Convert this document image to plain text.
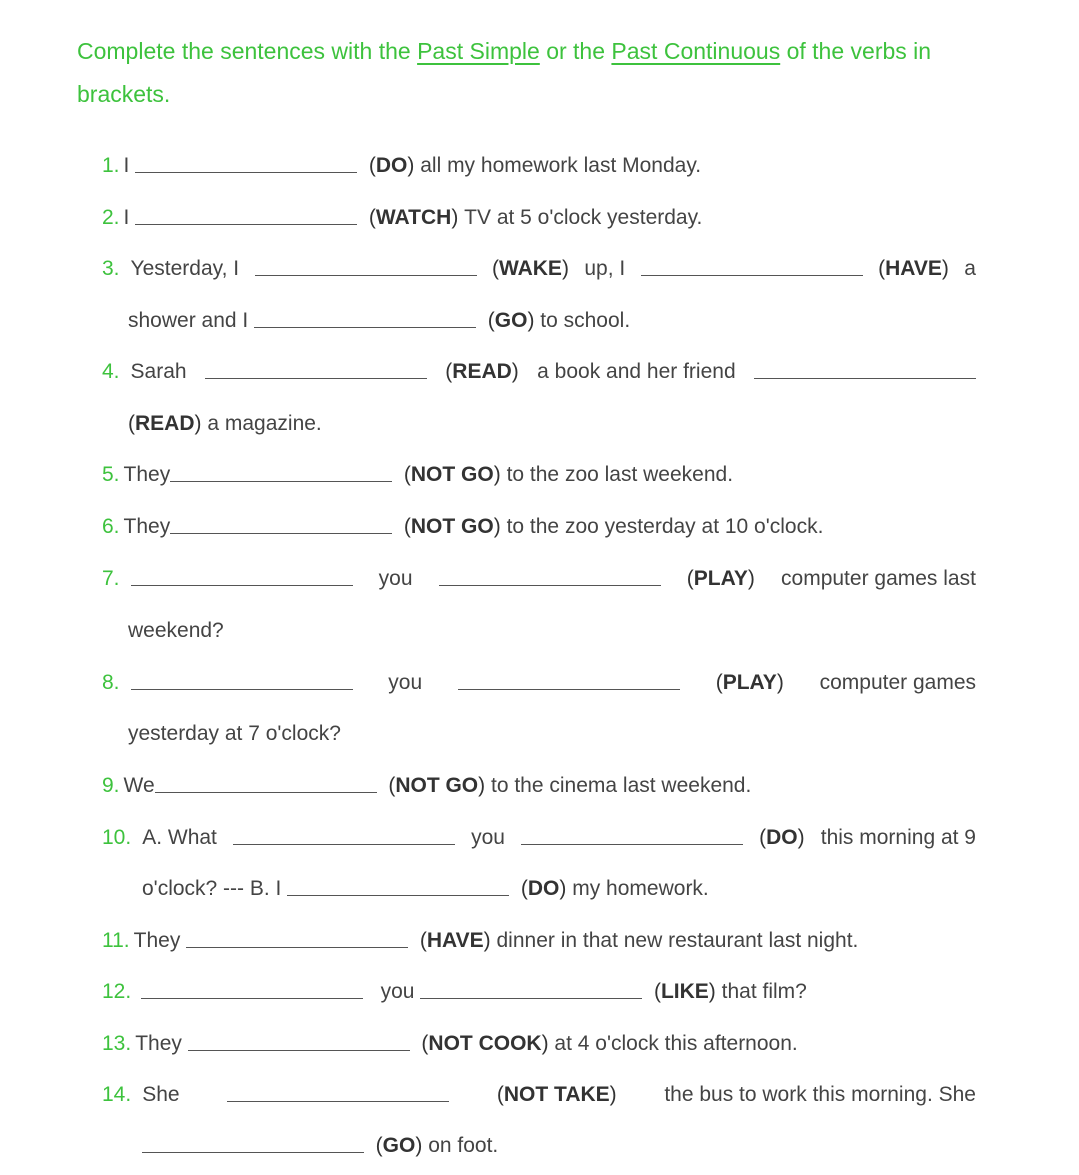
Complete the sentences with the Past Simple or the Past Continuous of the verbs in brackets.
1. I

	(DO)
all my homework last Monday.
2. I

	(WATCH)
TV at 5 o'clock yesterday.
3. Yesterday, I	(WAKE) up, I	(HAVE) a
shower and I

	(GO)
to school.
4. Sarah	(READ) a book and her friend
(READ)
a magazine.
5. They
	(NOT GO)
to the zoo last weekend.
6. They
	(NOT GO)
to the zoo yesterday at 10 o'clock.
7.	you	(PLAY) computer games last
weekend?
8.	you	(PLAY) computer games
yesterday at 7 o'clock?
9. We
	(NOT GO)
to the cinema last weekend.
10. A. What	you	(DO) this morning at 9
o'clock? --- B. I

	(DO)
my homework.
11. They

	(HAVE)
dinner in that new restaurant last night.
12.

	you

	(LIKE)
that film?
13. They

	(NOT COOK)
at 4 o'clock this afternoon.
14. She	(NOT TAKE) the bus to work this morning. She

(GO)
on foot.
